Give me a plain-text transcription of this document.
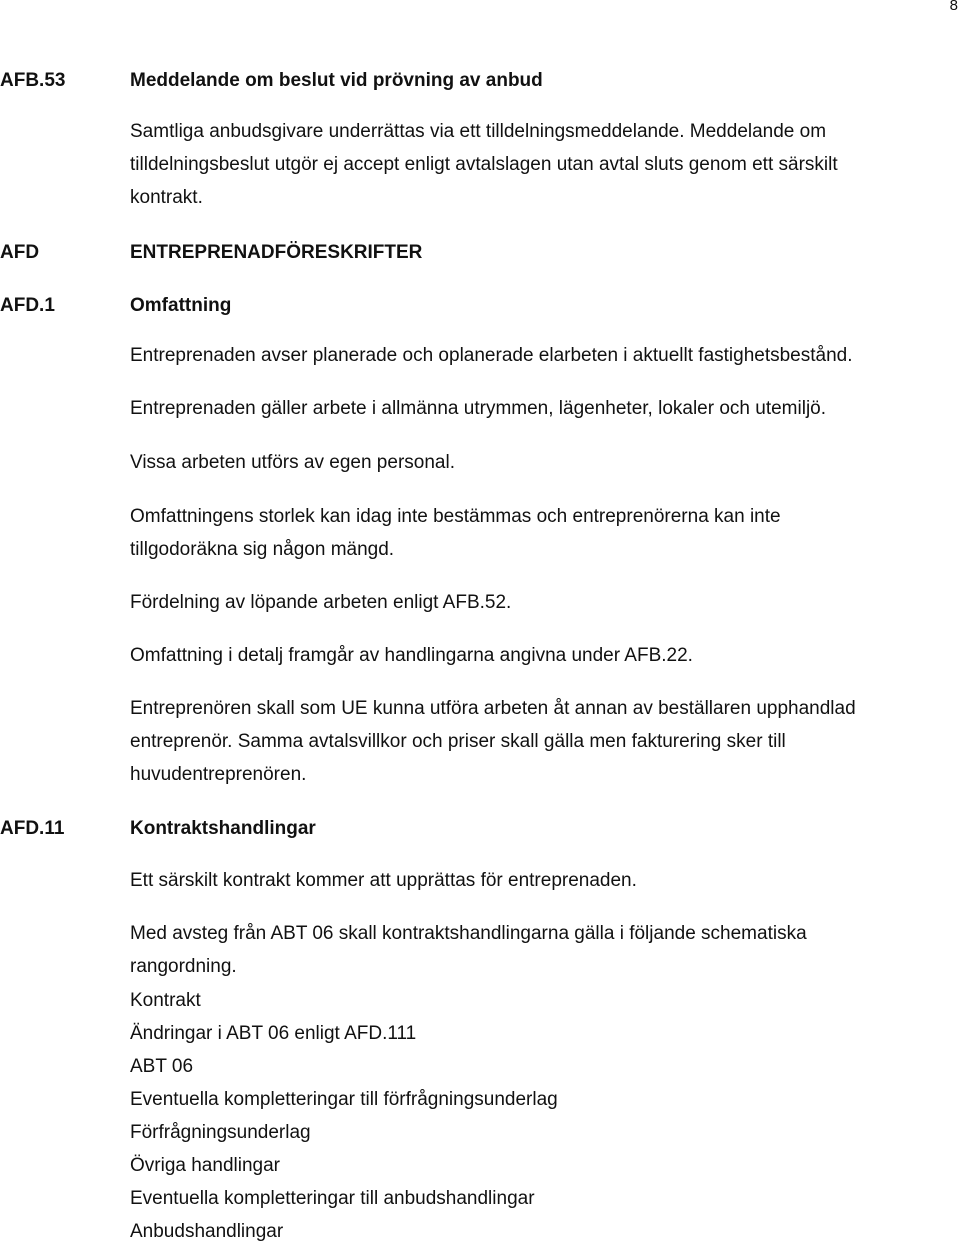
8
AFB.53	Meddelande om beslut vid prövning av anbud

Samtliga anbudsgivare underrättas via ett tilldelningsmeddelande. Meddelande om
tilldelningsbeslut utgör ej accept enligt avtalslagen utan avtal sluts genom ett särskilt
kontrakt.

AFD	ENTREPRENADFÖRESKRIFTER
AFD.1	Omfattning

Entreprenaden avser planerade och oplanerade elarbeten i aktuellt fastighetsbestånd.

Entreprenaden gäller arbete i allmänna utrymmen, lägenheter, lokaler och utemiljö.

Vissa arbeten utförs av egen personal.

Omfattningens storlek kan idag inte bestämmas och entreprenörerna kan inte
tillgodoräkna sig någon mängd.

Fördelning av löpande arbeten enligt AFB.52.

Omfattning i detalj framgår av handlingarna angivna under AFB.22.

Entreprenören skall som UE kunna utföra arbeten åt annan av beställaren upphandlad
entreprenör. Samma avtalsvillkor och priser skall gälla men fakturering sker till
huvudentreprenören.

AFD.11	Kontraktshandlingar

Ett särskilt kontrakt kommer att upprättas för entreprenaden.

Med avsteg från ABT 06 skall kontraktshandlingarna gälla i följande schematiska
rangordning.

Kontrakt
Ändringar i ABT 06 enligt AFD.111
ABT 06
Eventuella kompletteringar till förfrågningsunderlag
Förfrågningsunderlag
Övriga handlingar
Eventuella kompletteringar till anbudshandlingar
Anbudshandlingar
